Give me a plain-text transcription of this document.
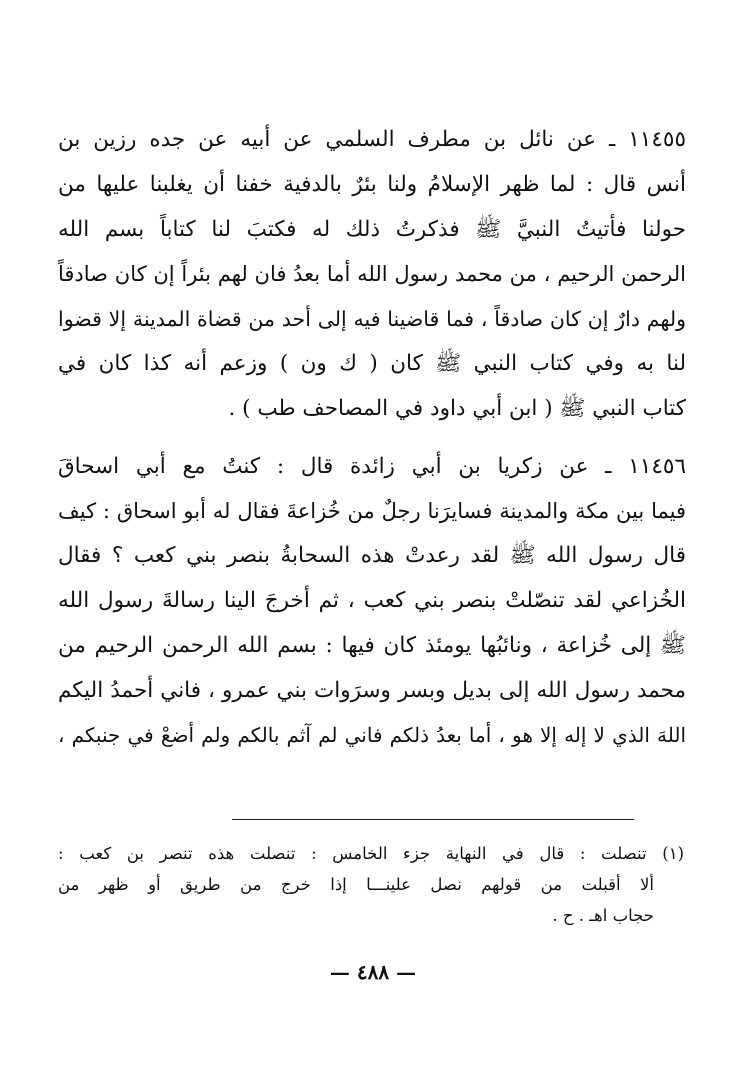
١١٤٥٥ ـ عن نائل بن مطرف السلمي عن أبيه عن جده رزين بن
أنس قال : لما ظهر الإسلامُ ولنا بئرٌ بالدفية خفنا أن يغلبنا عليها من
حولنا فأتيتُ النبيَّ ﷺ فذكرتُ ذلك له فكتبَ لنا كتاباً بسم الله
الرحمن الرحيم ، من محمد رسول الله أما بعدُ فان لهم بئراً إن كان صادقاً
ولهم دارٌ إن كان صادقاً ، فما قاضينا فيه إلى أحد من قضاة المدينة إلا قضوا
لنا به وفي كتاب النبي ﷺ كان ( ك ون ) وزعم أنه كذا كان في
كتاب النبي ﷺ ( ابن أبي داود في المصاحف طب ) .

١١٤٥٦ ـ عن زكريا بن أبي زائدة قال : كنتُ مع أبي اسحاقَ
فيما بين مكة والمدينة فسايرَنا رجلٌ من خُزاعةَ فقال له أبو اسحاق : كيف
قال رسول الله ﷺ لقد رعدتْ هذه السحابةُ بنصر بني كعب ؟ فقال
الخُزاعي لقد تنصّلتْ بنصر بني كعب ، ثم أخرجَ الينا رسالةَ رسول الله
ﷺ إلى خُزاعة ، ونائبُها يومئذ كان فيها : بسم الله الرحمن الرحيم من
محمد رسول الله إلى بديل وبسر وسرَوات بني عمرو ، فاني أحمدُ اليكم
اللهَ الذي لا إله إلا هو ، أما بعدُ ذلكم فاني لم آثم بالكم ولم أضعْ في جنبكم ،

(١) تنصلت : قال في النهاية جزء الخامس : تنصلت هذه تنصر بن كعب :
ألا أقبلت من قولهم نصل علينـــا إذا خرج من طريق أو ظهر من
حجاب اهـ . ح .
— ٤٨٨ —
